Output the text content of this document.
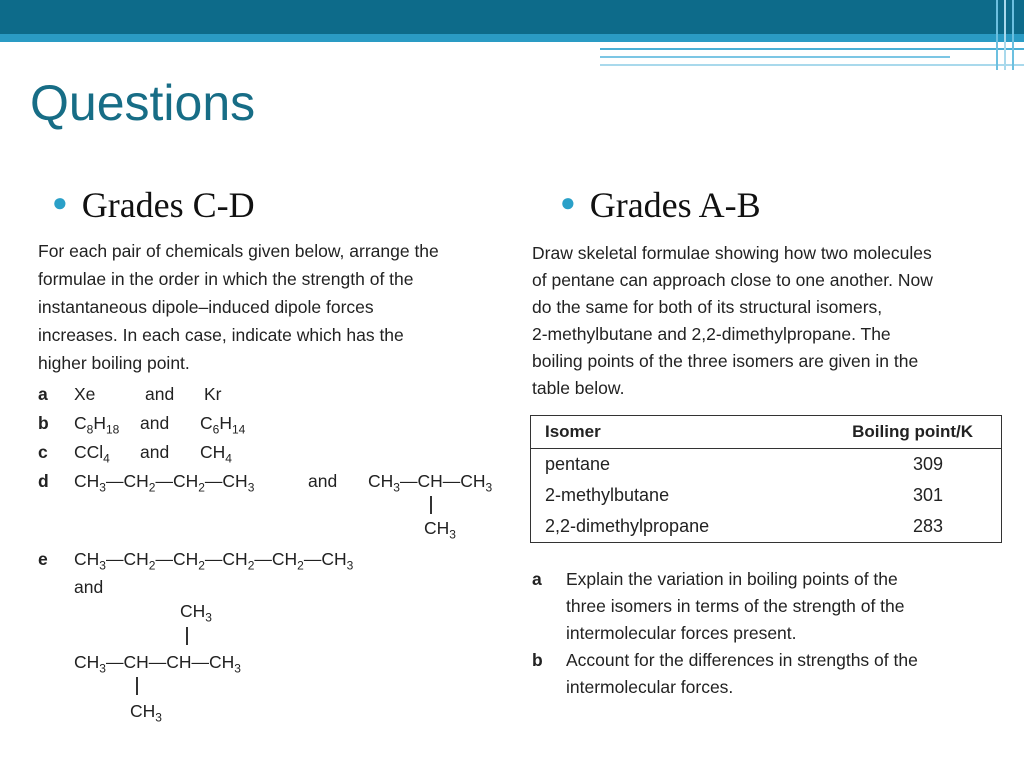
Questions
● Grades C-D	● Grades A-B
For each pair of chemicals given below, arrange the
formulae in the order in which the strength of the
instantaneous dipole–induced dipole forces
increases. In each case, indicate which has the
higher boiling point.
a Xe	and Kr
b $C_8H_{18}$ and $C_6H_{14}$
c CCl$_4$ and $CH_4$
d $CH_3—CH_2—CH_2—CH_3$	and $CH_3—CH—CH_3$
$CH_3$
e $CH_3—CH_2—CH_2—CH_2—CH_2—CH_3$
and
$CH_3$
$CH_3—CH—CH—CH_3$
$CH_3$
Draw skeletal formulae showing how two molecules
of pentane can approach close to one another. Now
do the same for both of its structural isomers,
2-methylbutane and 2,2-dimethylpropane. The
boiling points of the three isomers are given in the
table below.
Isomer	Boiling point/K
pentane	309
2-methylbutane	301
2,2-dimethylpropane	283
a Explain the variation in boiling points of the
three isomers in terms of the strength of the
intermolecular forces present.
b Account for the differences in strengths of the
intermolecular forces.
